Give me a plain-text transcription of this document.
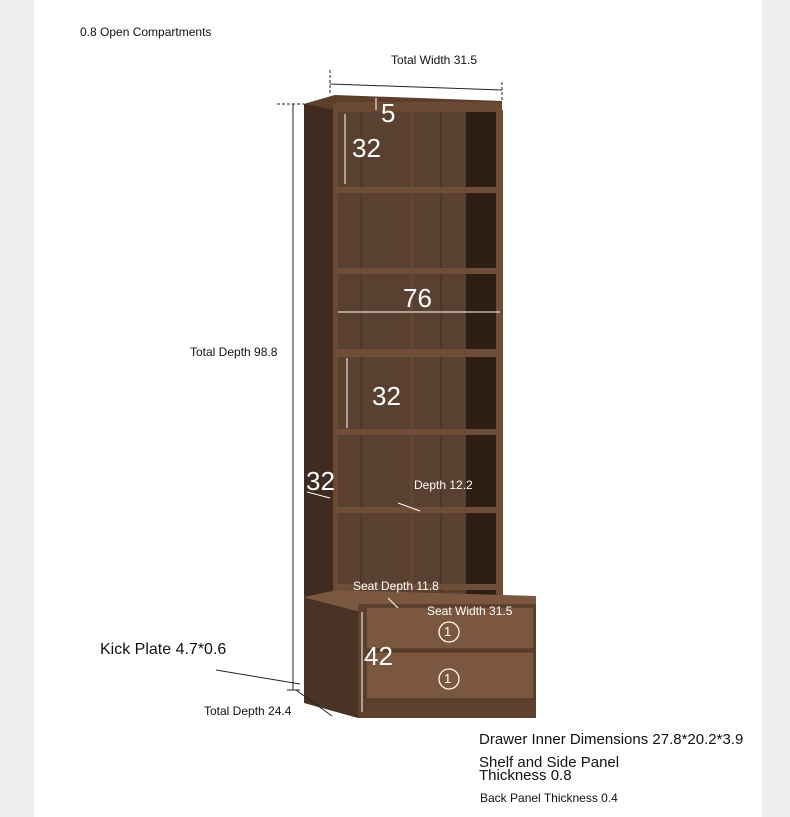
0.8 Open Compartments
Total Width 31.5
Total Depth 98.8
Kick Plate 4.7*0.6
Total Depth 24.4
Depth 12.2
Seat Depth 11.8
Seat Width 31.5
Drawer Inner Dimensions 27.8*20.2*3.9
Shelf and Side Panel
Thickness 0.8
Back Panel Thickness 0.4
5
32
76
32
32
42
1
1
